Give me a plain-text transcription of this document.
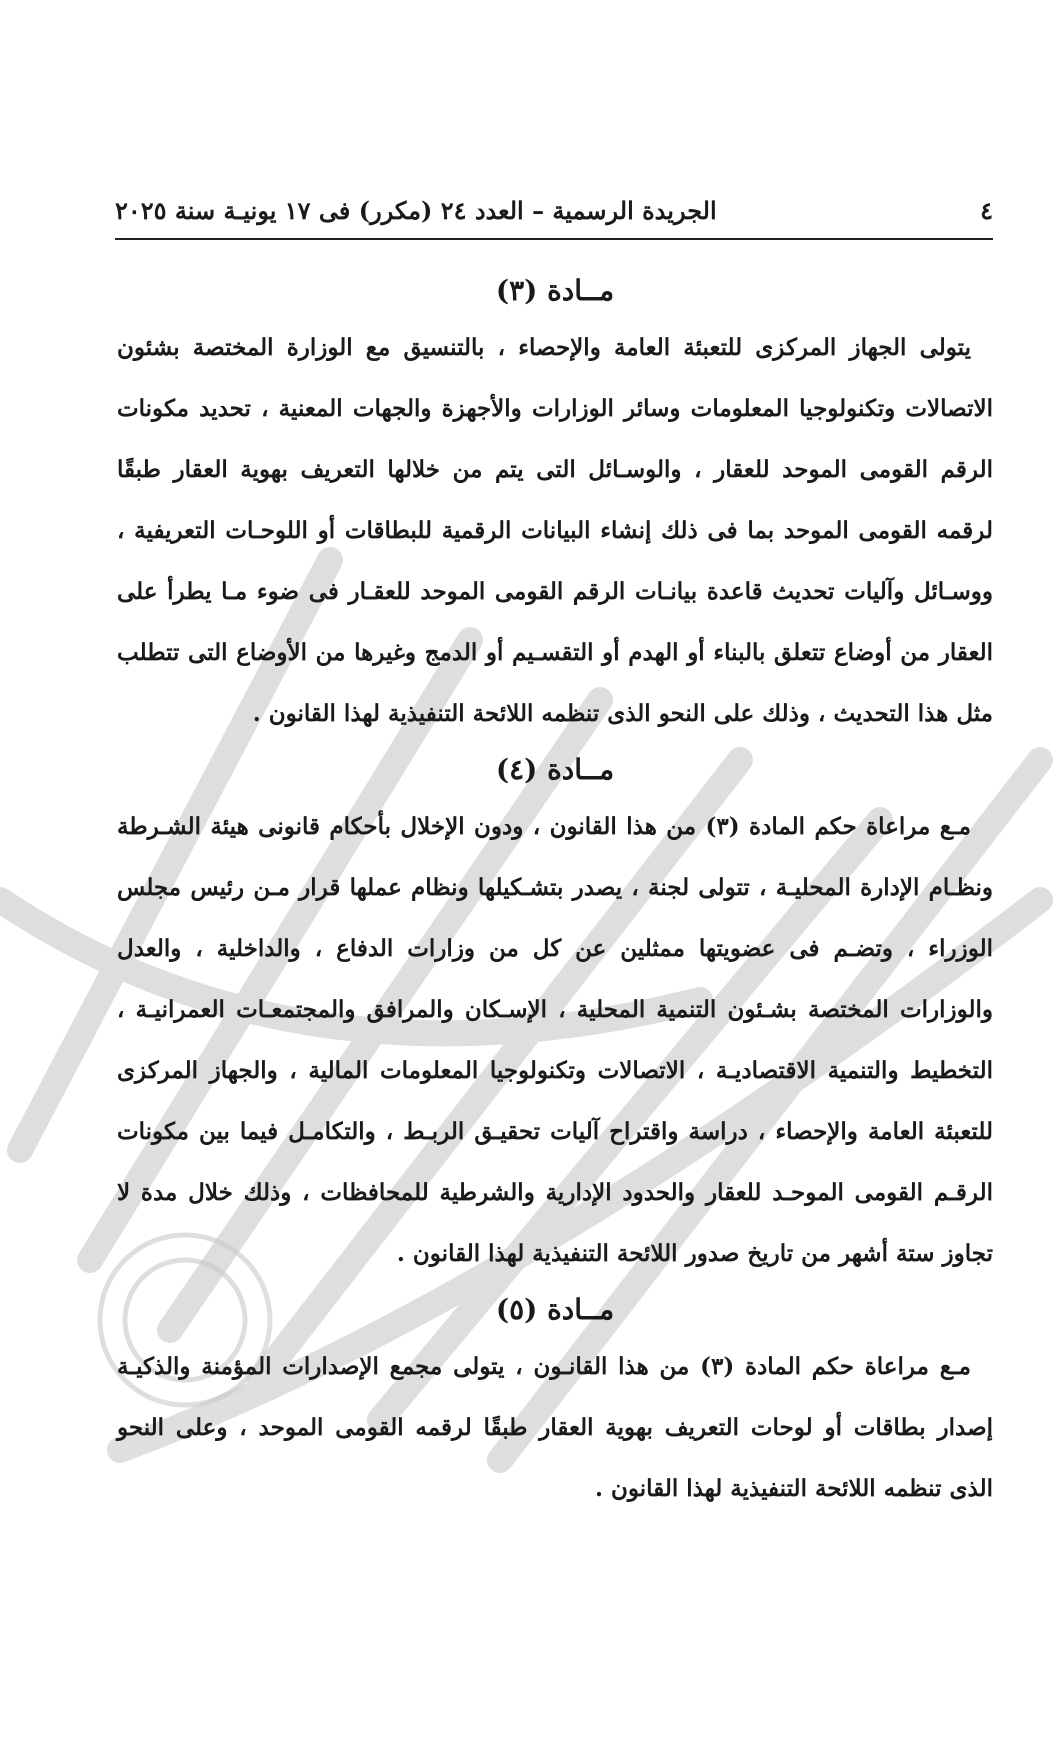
٤
الجريدة الرسمية – العدد ٢٤ (مكرر) فى ١٧ يونيـة سنة ٢٠٢٥
مــادة (٣)

يتولى الجهاز المركزى للتعبئة العامة والإحصاء ، بالتنسيق مع الوزارة المختصة بشئون الاتصالات وتكنولوجيا المعلومات وسائر الوزارات والأجهزة والجهات المعنية ، تحديد مكونات الرقم القومى الموحد للعقار ، والوسـائل التى يتم من خلالها التعريف بهوية العقار طبقًا لرقمه القومى الموحد بما فى ذلك إنشاء البيانات الرقمية للبطاقات أو اللوحـات التعريفية ، ووسـائل وآليات تحديث قاعدة بيانـات الرقم القومى الموحد للعقـار فى ضوء مـا يطرأ على العقار من أوضاع تتعلق بالبناء أو الهدم أو التقسـيم أو الدمج وغيرها من الأوضاع التى تتطلب مثل هذا التحديث ، وذلك على النحو الذى تنظمه اللائحة التنفيذية لهذا القانون .

مــادة (٤)

مـع مراعاة حكم المادة (٣) من هذا القانون ، ودون الإخلال بأحكام قانونى هيئة الشـرطة ونظـام الإدارة المحليـة ، تتولى لجنة ، يصدر بتشـكيلها ونظام عملها قرار مـن رئيس مجلس الوزراء ، وتضـم فى عضويتها ممثلين عن كل من وزارات الدفاع ، والداخلية ، والعدل والوزارات المختصة بشـئون التنمية المحلية ، الإسـكان والمرافق والمجتمعـات العمرانيـة ، التخطيط والتنمية الاقتصاديـة ، الاتصالات وتكنولوجيا المعلومات المالية ، والجهاز المركزى للتعبئة العامة والإحصاء ، دراسة واقتراح آليات تحقيـق الربـط ، والتكامـل فيما بين مكونات الرقـم القومى الموحـد للعقار والحدود الإدارية والشرطية للمحافظات ، وذلك خلال مدة لا تجاوز ستة أشهر من تاريخ صدور اللائحة التنفيذية لهذا القانون .

مــادة (٥)

مـع مراعاة حكم المادة (٣) من هذا القانـون ، يتولى مجمع الإصدارات المؤمنة والذكيـة إصدار بطاقات أو لوحات التعريف بهوية العقار طبقًا لرقمه القومى الموحد ، وعلى النحو الذى تنظمه اللائحة التنفيذية لهذا القانون .
